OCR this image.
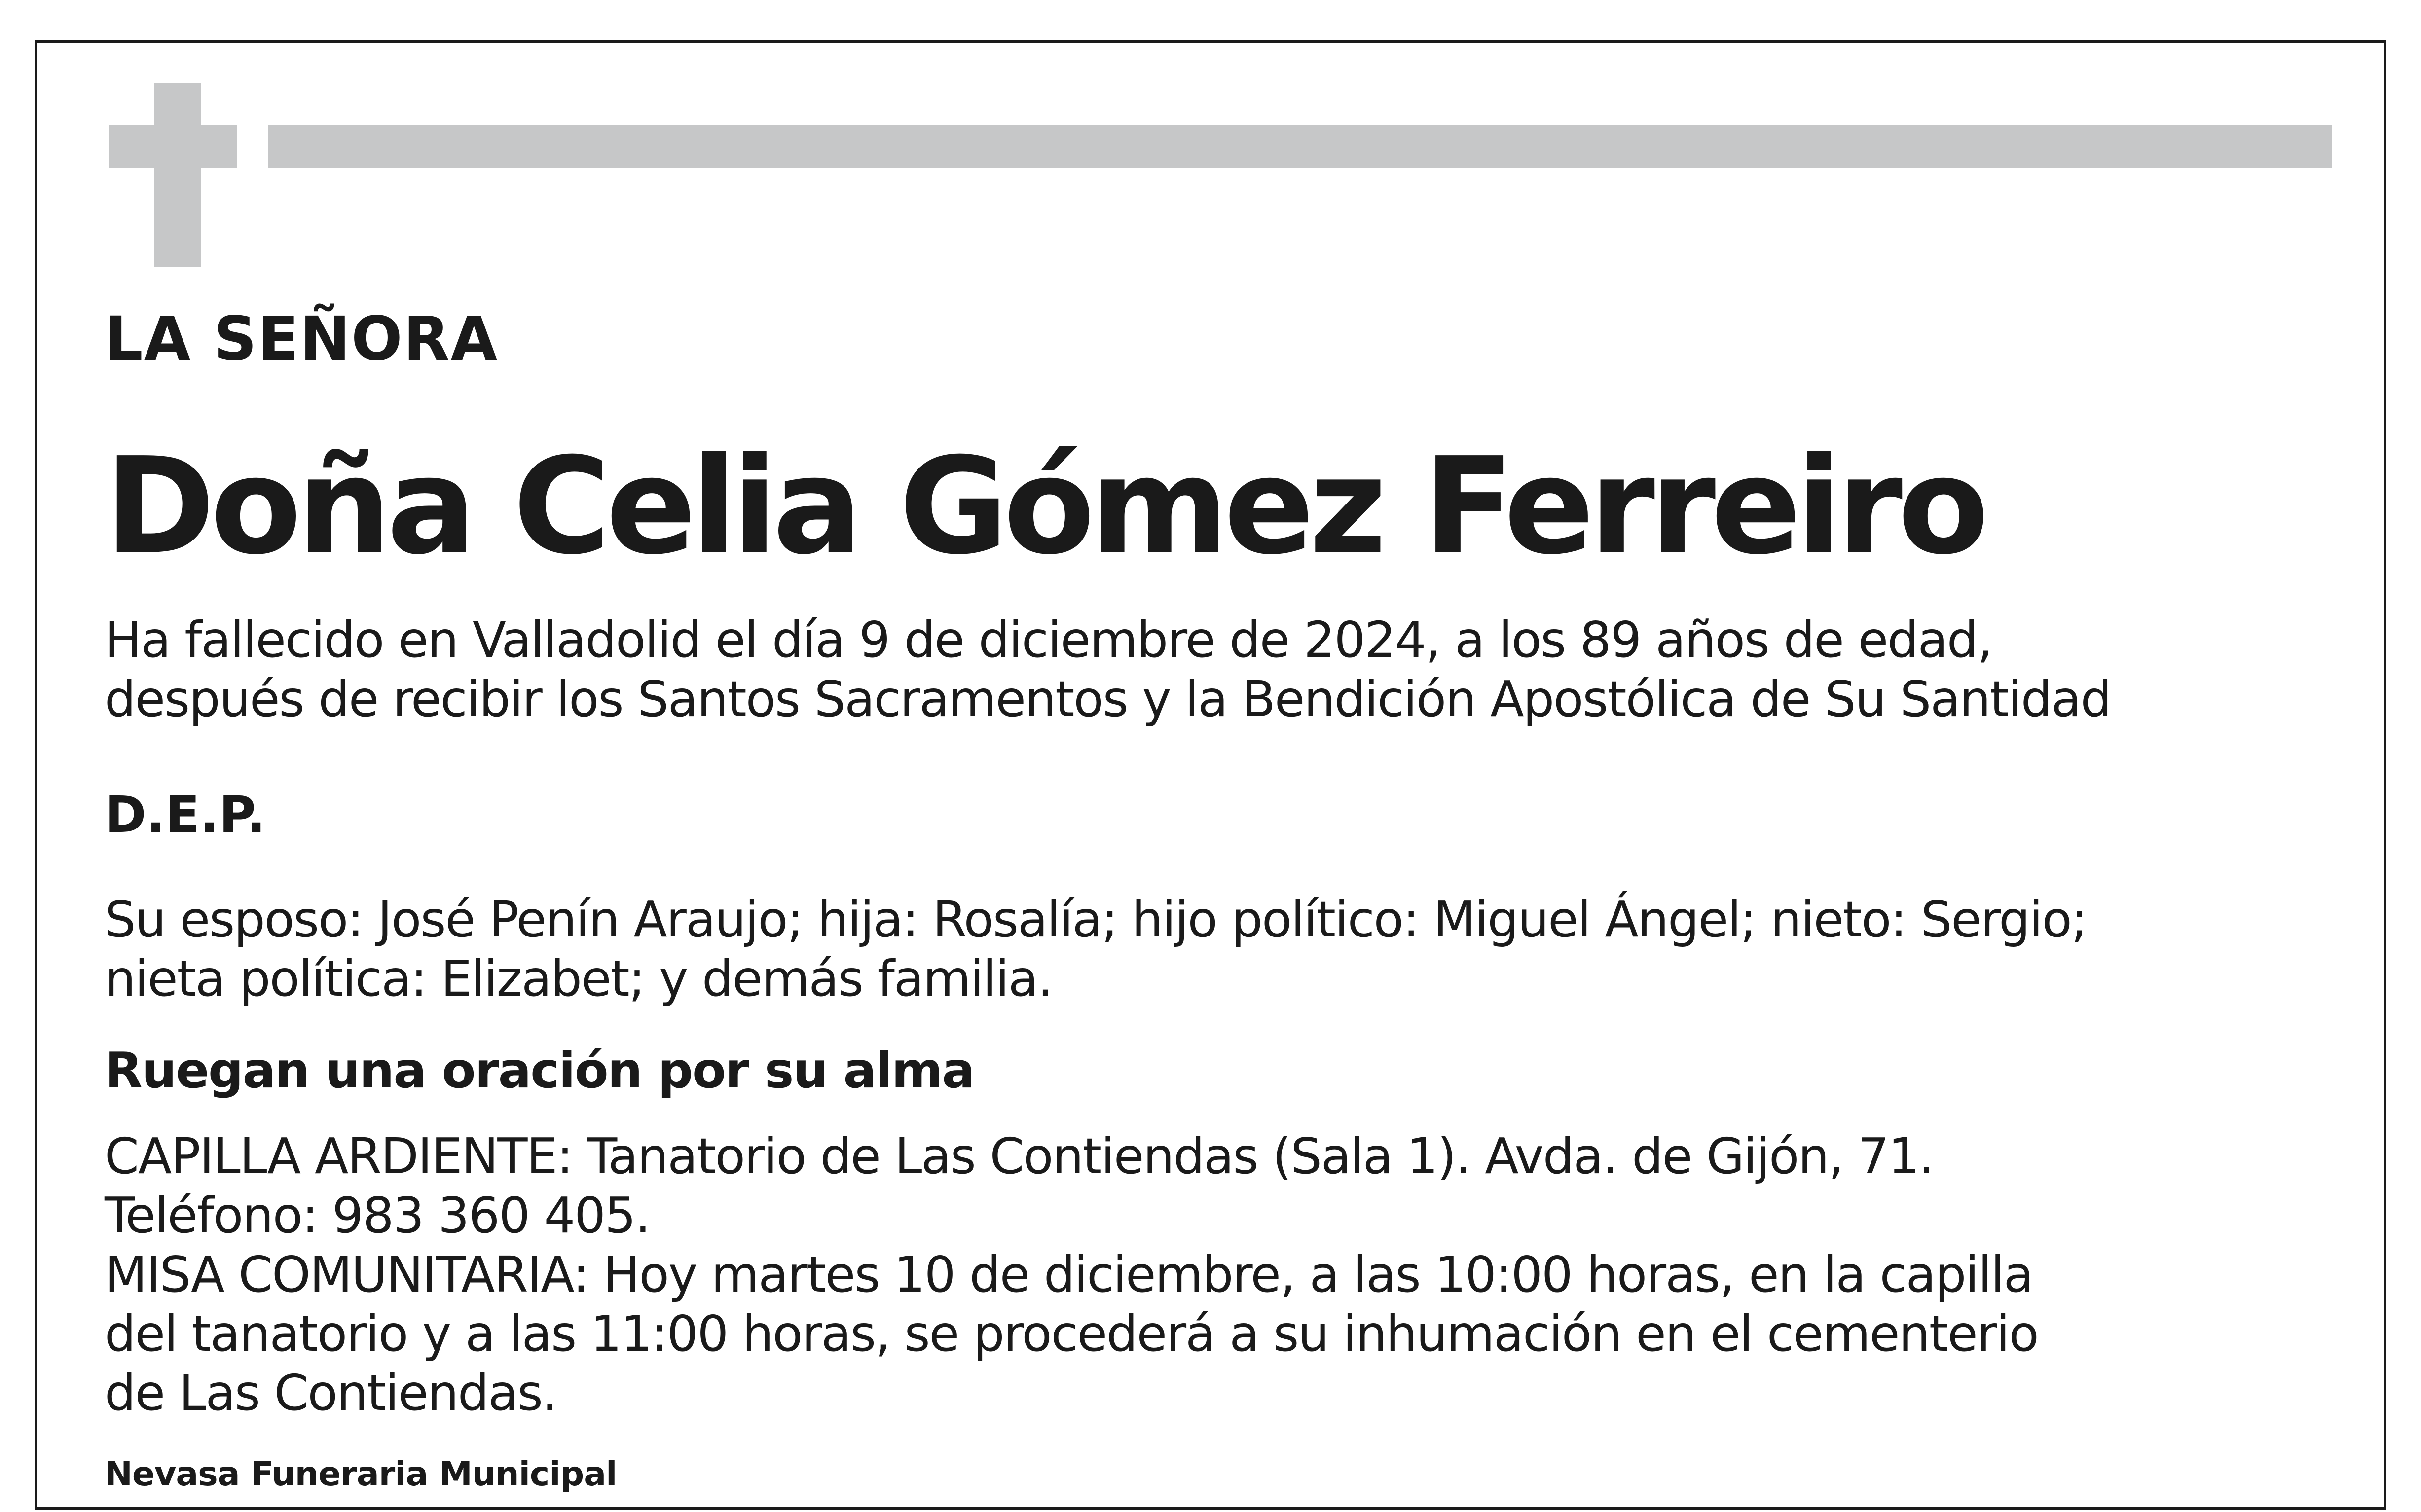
LA SEÑORA
Doña Celia Gómez Ferreiro
Ha fallecido en Valladolid el día 9 de diciembre de 2024, a los 89 años de edad,
después de recibir los Santos Sacramentos y la Bendición Apostólica de Su Santidad
D.E.P.
Su esposo: José Penín Araujo; hija: Rosalía; hijo político: Miguel Ángel; nieto: Sergio;
nieta política: Elizabet; y demás familia.
Ruegan una oración por su alma
CAPILLA ARDIENTE: Tanatorio de Las Contiendas (Sala 1). Avda. de Gijón, 71.
Teléfono: 983 360 405.
MISA COMUNITARIA: Hoy martes 10 de diciembre, a las 10:00 horas, en la capilla
del tanatorio y a las 11:00 horas, se procederá a su inhumación en el cementerio
de Las Contiendas.
Nevasa Funeraria Municipal
